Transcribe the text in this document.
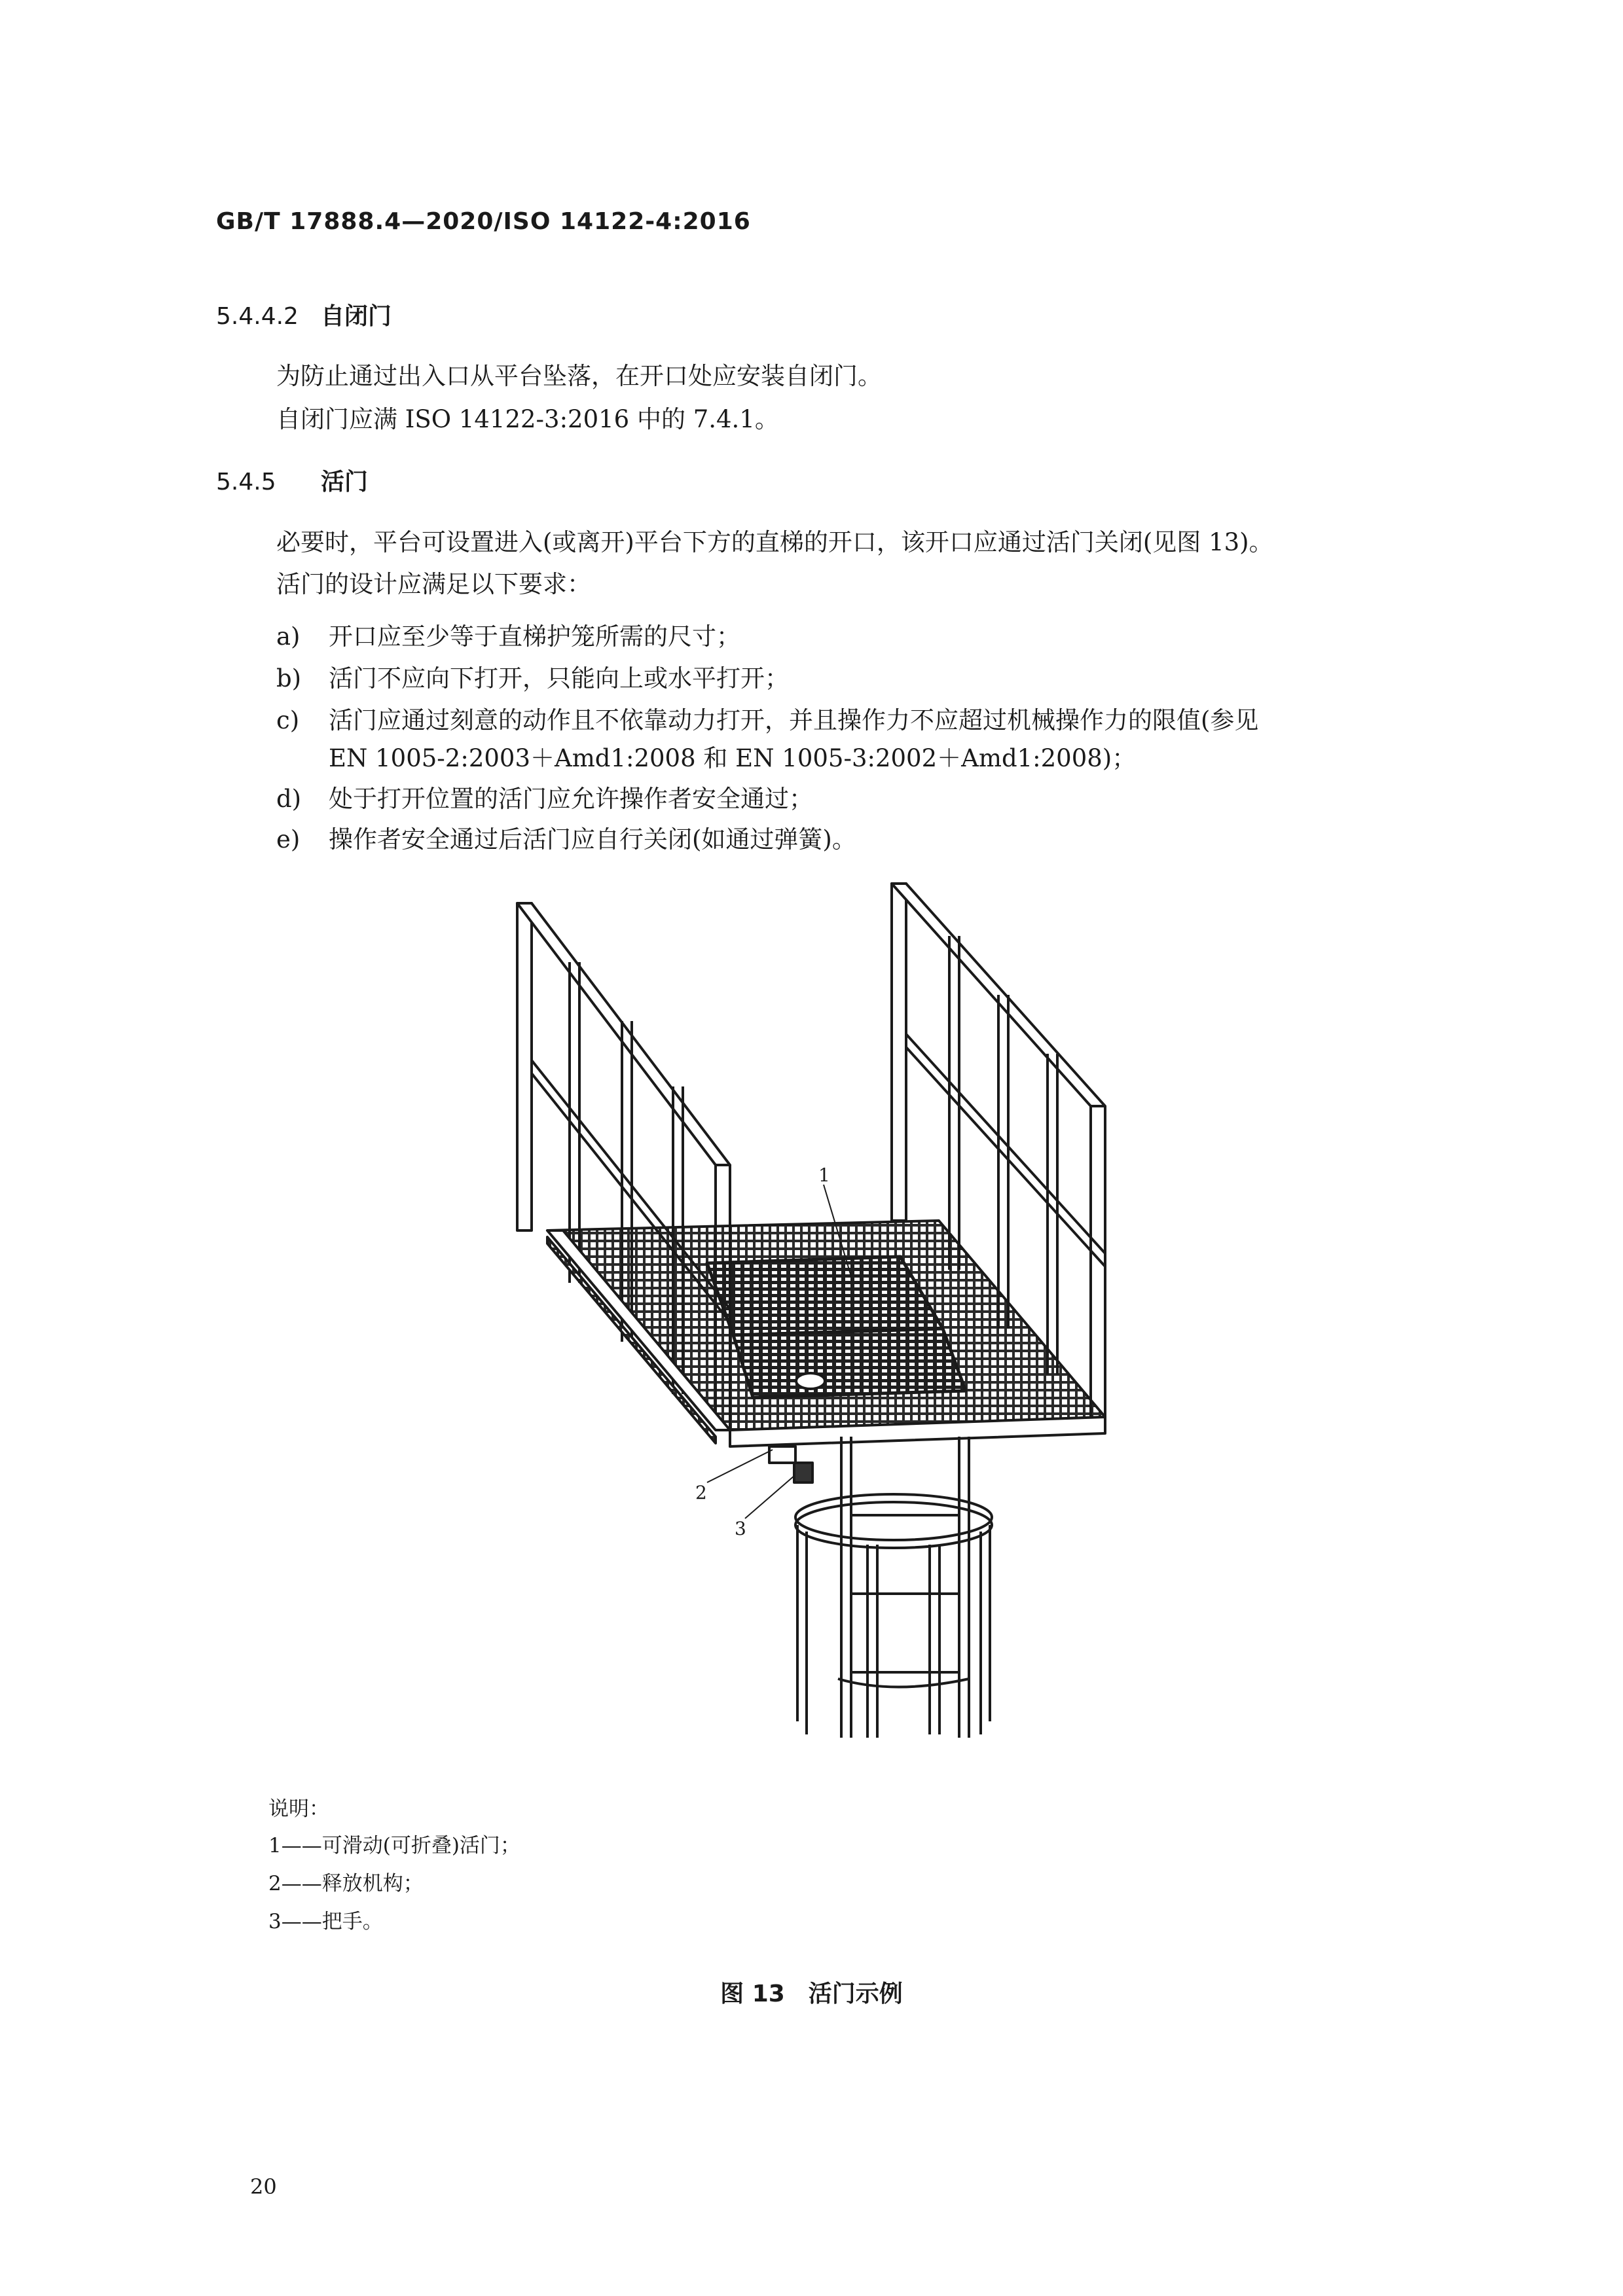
GB/T 17888.4—2020/ISO 14122-4:2016

5.4.4.2 自闭门

为防止通过出入口从平台坠落，在开口处应安装自闭门。

自闭门应满 ISO 14122-3:2016 中的 7.4.1。

5.4.5 活门

必要时，平台可设置进入(或离开)平台下方的直梯的开口，该开口应通过活门关闭(见图 13)。

活门的设计应满足以下要求：

a) 开口应至少等于直梯护笼所需的尺寸；
b) 活门不应向下打开，只能向上或水平打开；
c) 活门应通过刻意的动作且不依靠动力打开，并且操作力不应超过机械操作力的限值(参见

EN 1005-2:2003＋Amd1:2008 和 EN 1005-3:2002＋Amd1:2008)；

d) 处于打开位置的活门应允许操作者安全通过；
e) 操作者安全通过后活门应自行关闭(如通过弹簧)。
1
2
3

说明：

1——可滑动(可折叠)活门；

2——释放机构；

3——把手。

图 13　活门示例

20
